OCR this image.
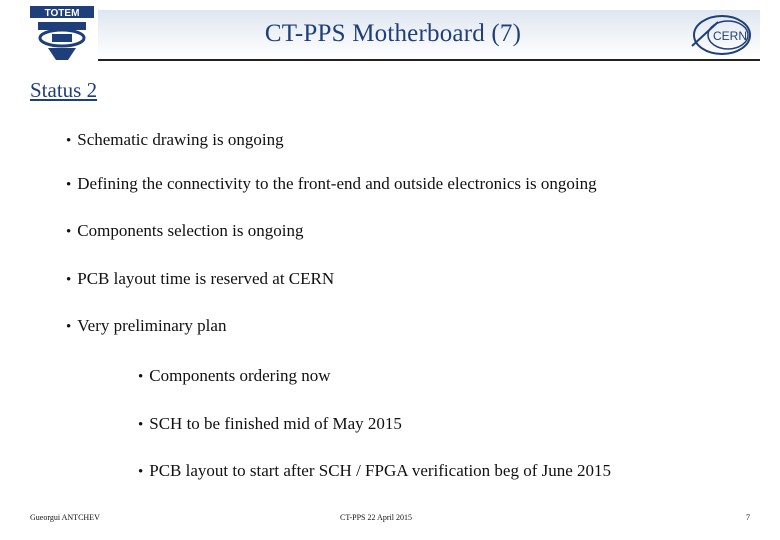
TOTEM
CT-PPS Motherboard (7)	CERN
Status 2
• Schematic drawing is ongoing
• Defining the connectivity to the front-end and outside electronics is ongoing
• Components selection is ongoing
• PCB layout time is reserved at CERN
• Very preliminary plan
• Components ordering now
• SCH to be finished mid of May 2015
• PCB layout to start after SCH / FPGA verification beg of June 2015
Gueorgui ANTCHEV	CT-PPS 22 April 2015	7
